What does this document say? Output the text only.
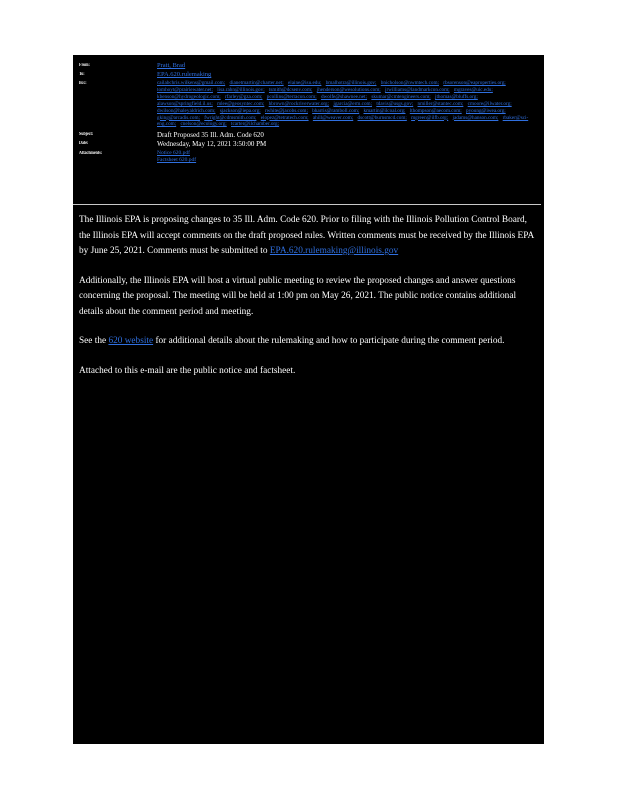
From:	Pratt, Brad
To:	EPA.620.rulemaking
Bcc:	cailabchris.wilkens@gmail.com; dianetmartin@charter.net; elaine@isu.edu; bmalhotra@illinois.gov; bnicholson@nwmtech.com; rbsorenson@eaproperties.org; tomhoyt@prairiewater.net; lisa.rahn@illinois.gov; tsmith@dcsenv.com; jhenderson@wesolutions.com; jrwilliams@landmarkcon.com; mgraves@uic.edu; kbenson@hydrogeologic.com; rfarley@gza.com; pcollins@terracon.com; dwolfe@shawnee.net; skumar@cmtengineers.com; jthomas@bluffs.org; alawson@springfield.il.us; mlee@geosyntec.com; hbrown@rockriverwater.org; jgarcia@erm.com; tdavis@usgs.gov; nmiller@stantec.com; cmoore@ilwater.org; dwilson@haleyaldrich.com; sjackson@iepa.org; rwhite@jacobs.com; bharris@ramboll.com; kmartin@ilcoal.org; lthompson@aecom.com; pyoung@iwea.org; gking@arcadis.com; fwright@cdmsmith.com; elopez@tetratech.com; ahill@weaver.com; dscott@burnsmcd.com; mgreen@ilfb.org; jadams@hanson.com; rbaker@sci-eng.com; cnelson@ecology.org; tcarter@ilchamber.org;
Subject:	Draft Proposed 35 Ill. Adm. Code 620
Date:	Wednesday, May 12, 2021 3:50:00 PM
Attachments:	Notice 620.pdf
Factsheet 620.pdf

The Illinois EPA is proposing changes to 35 Ill. Adm. Code 620. Prior to filing with the Illinois Pollution Control Board, the Illinois EPA will accept comments on the draft proposed rules. Written comments must be received by the Illinois EPA by June 25, 2021. Comments must be submitted to EPA.620.rulemaking@illinois.gov

Additionally, the Illinois EPA will host a virtual public meeting to review the proposed changes and answer questions concerning the proposal. The meeting will be held at 1:00 pm on May 26, 2021. The public notice contains additional details about the comment period and meeting.

See the 620 website for additional details about the rulemaking and how to participate during the comment period.

Attached to this e-mail are the public notice and factsheet.
